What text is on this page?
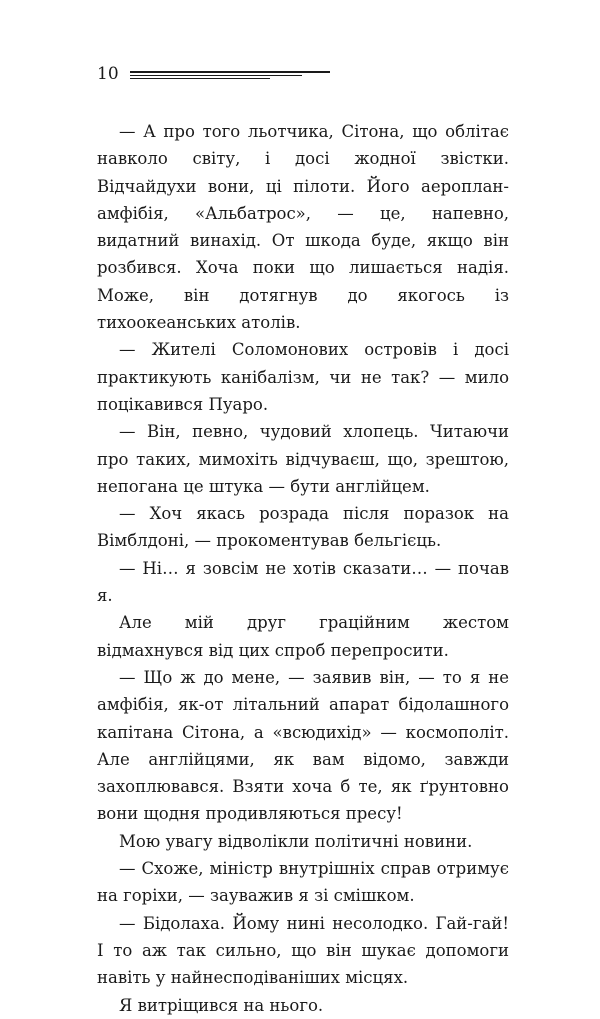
10

— А про того льотчика, Сітона, що облітає навколо світу, і досі жодної звістки. Відчайдухи вони, ці пілоти. Його аероплан-амфібія, «Альбатрос», — це, напевно, видатний винахід. От шкода буде, якщо він розбився. Хоча поки що лишається надія. Може, він дотягнув до якогось із тихоокеанських атолів.

— Жителі Соломонових островів і досі практикують канібалізм, чи не так? — мило поцікавився Пуаро.

— Він, певно, чудовий хлопець. Читаючи про таких, мимохіть відчуваєш, що, зрештою, непогана це штука — бути англійцем.

— Хоч якась розрада після поразок на Вімблдоні, — прокоментував бельгієць.

— Ні… я зовсім не хотів сказати… — почав я.

Але мій друг грацiйним жестом відмахнувся від цих спроб перепросити.

— Що ж до мене, — заявив він, — то я не амфібія, як-от літальний апарат бідолашного капітана Сітона, а «всюдихід» — космополіт. Але англійцями, як вам відомо, завжди захоплювався. Взяти хоча б те, як ґрунтовно вони щодня продивляються пресу!

Мою увагу відволікли політичні новини.

— Схоже, міністр внутрішніх справ отримує на горіхи, — зауважив я зі смішком.

— Бідолаха. Йому нині несолодко. Гай-гай! І то аж так сильно, що він шукає допомоги навіть у найнесподіваніших місцях.

Я витріщився на нього.
